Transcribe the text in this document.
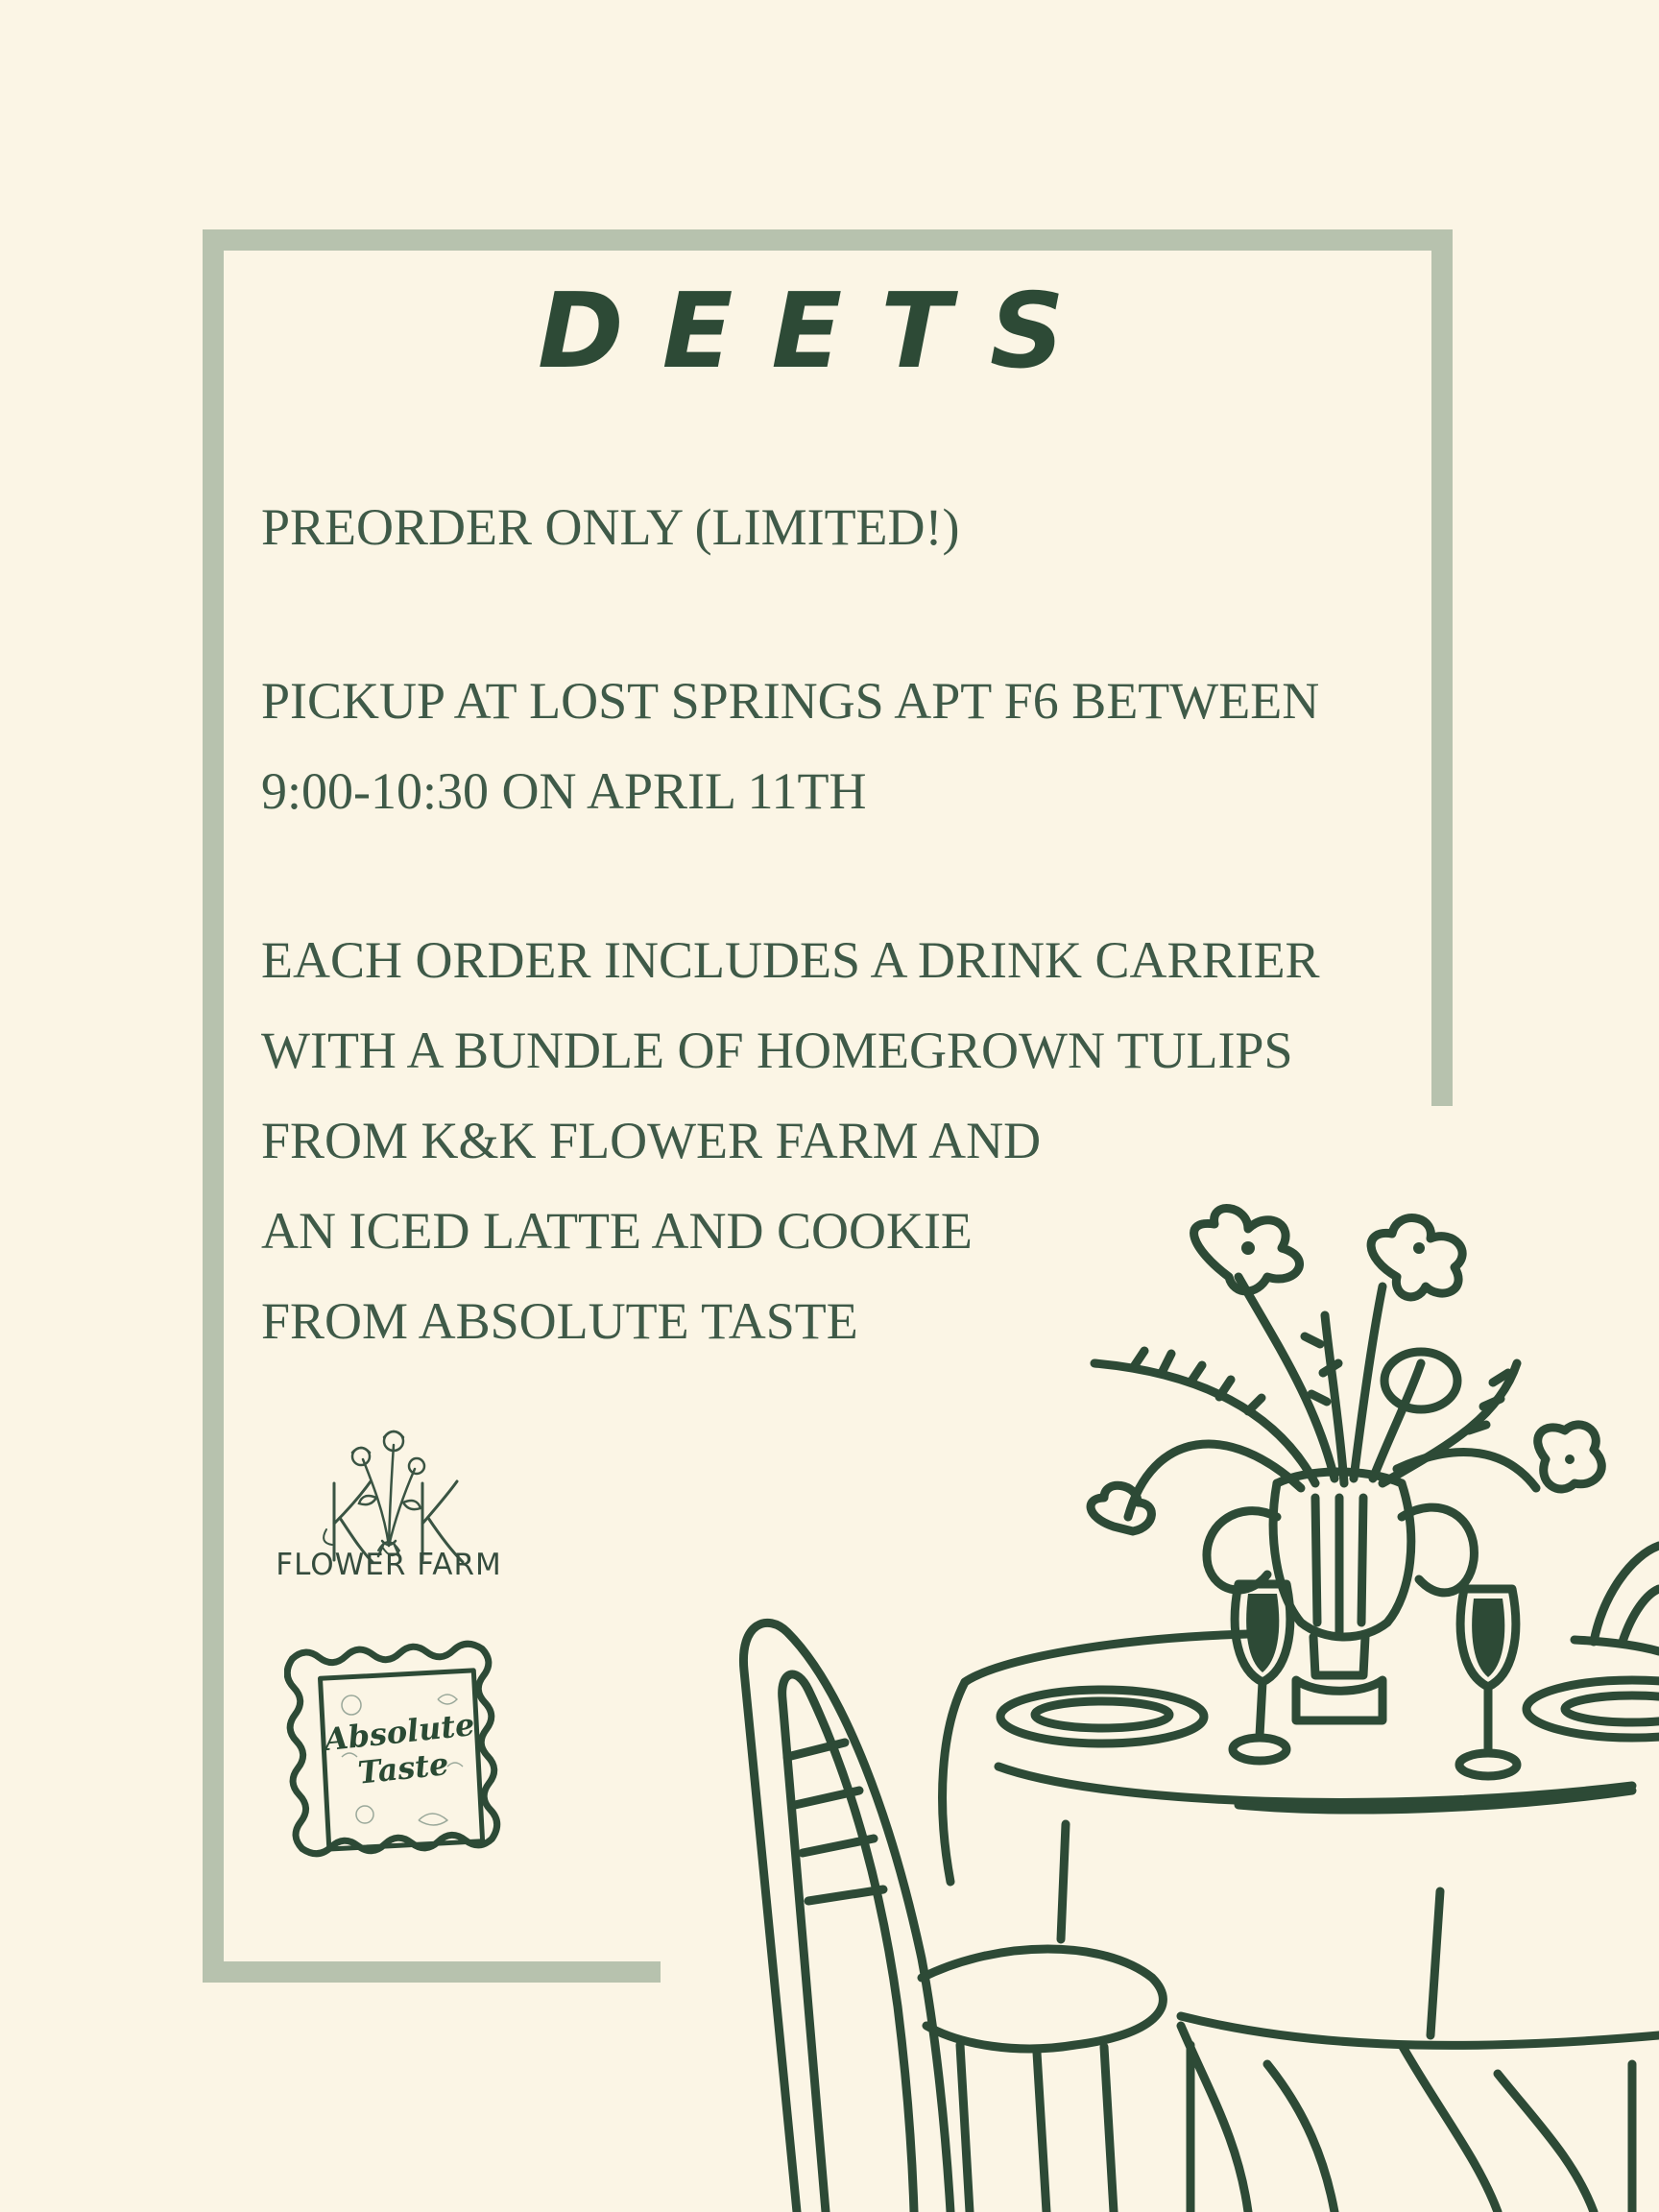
DEETS
PREORDER ONLY (LIMITED!)
PICKUP AT LOST SPRINGS APT F6 BETWEEN
9:00-10:30 ON APRIL 11TH
EACH ORDER INCLUDES A DRINK CARRIER
WITH A BUNDLE OF HOMEGROWN TULIPS
FROM K&K FLOWER FARM AND
AN ICED LATTE AND COOKIE
FROM ABSOLUTE TASTE
FLOWER FARM
Absolute
Taste
